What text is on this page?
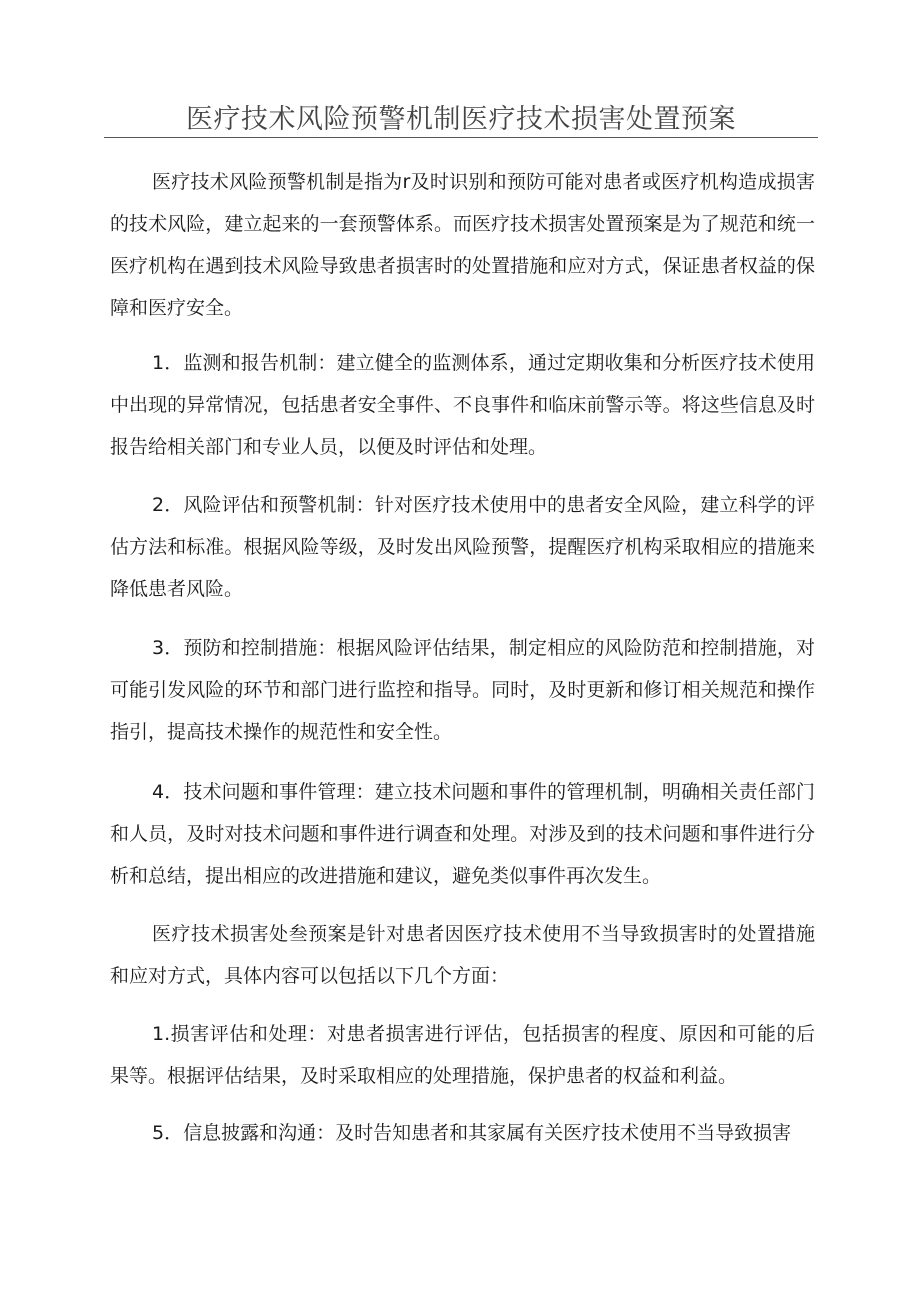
医疗技术风险预警机制医疗技术损害处置预案

医疗技术风险预警机制是指为r及时识别和预防可能对患者或医疗机构造成损害的技术风险，建立起来的一套预警体系。而医疗技术损害处置预案是为了规范和统一医疗机构在遇到技术风险导致患者损害时的处置措施和应对方式，保证患者权益的保障和医疗安全。

1．监测和报告机制：建立健全的监测体系，通过定期收集和分析医疗技术使用中出现的异常情况，包括患者安全事件、不良事件和临床前警示等。将这些信息及时报告给相关部门和专业人员，以便及时评估和处理。

2．风险评估和预警机制：针对医疗技术使用中的患者安全风险，建立科学的评估方法和标准。根据风险等级，及时发出风险预警，提醒医疗机构采取相应的措施来降低患者风险。

3．预防和控制措施：根据风险评估结果，制定相应的风险防范和控制措施，对可能引发风险的环节和部门进行监控和指导。同时，及时更新和修订相关规范和操作指引，提高技术操作的规范性和安全性。

4．技术问题和事件管理：建立技术问题和事件的管理机制，明确相关责任部门和人员，及时对技术问题和事件进行调查和处理。对涉及到的技术问题和事件进行分析和总结，提出相应的改进措施和建议，避免类似事件再次发生。

医疗技术损害处叁预案是针对患者因医疗技术使用不当导致损害时的处置措施和应对方式，具体内容可以包括以下几个方面：

1.损害评估和处理：对患者损害进行评估，包括损害的程度、原因和可能的后果等。根据评估结果，及时采取相应的处理措施，保护患者的权益和利益。

5．信息披露和沟通：及时告知患者和其家属有关医疗技术使用不当导致损害
